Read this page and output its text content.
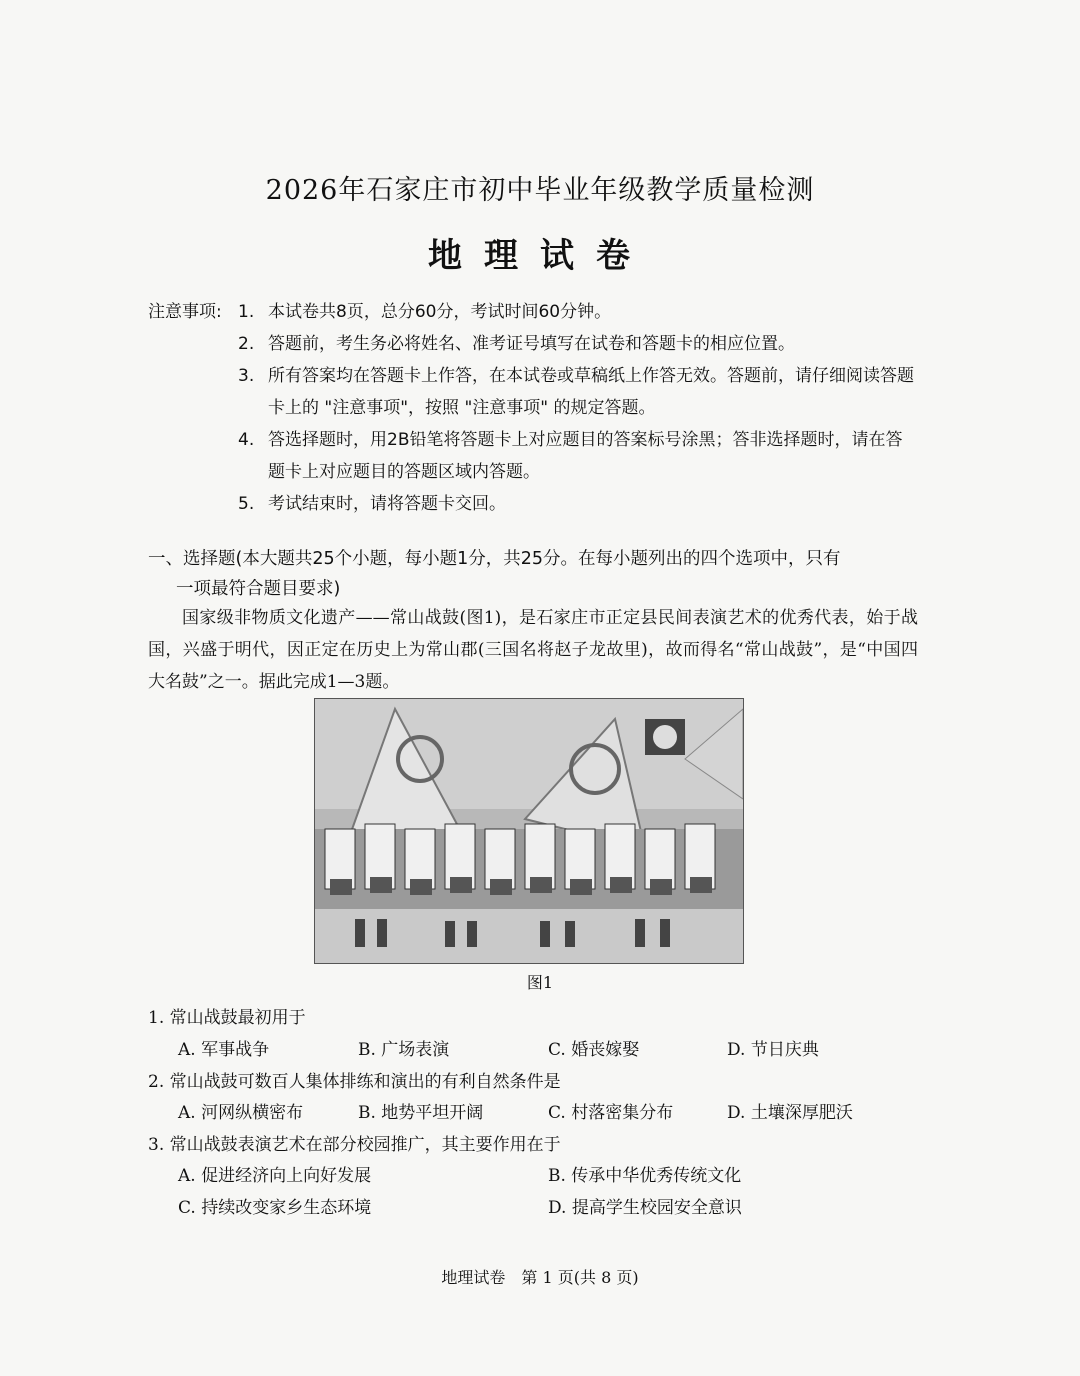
2026年石家庄市初中毕业年级教学质量检测
地理试卷
注意事项: 1. 本试卷共8页，总分60分，考试时间60分钟。
2. 答题前，考生务必将姓名、准考证号填写在试卷和答题卡的相应位置。
3. 所有答案均在答题卡上作答，在本试卷或草稿纸上作答无效。答题前，请仔细阅读答题卡上的 "注意事项"，按照 "注意事项" 的规定答题。
4. 答选择题时，用2B铅笔将答题卡上对应题目的答案标号涂黑；答非选择题时，请在答题卡上对应题目的答题区域内答题。
5. 考试结束时，请将答题卡交回。
一、选择题(本大题共25个小题，每小题1分，共25分。在每小题列出的四个选项中，只有
一项最符合题目要求)
国家级非物质文化遗产——常山战鼓(图1)，是石家庄市正定县民间表演艺术的优秀代表，始于战国，兴盛于明代，因正定在历史上为常山郡(三国名将赵子龙故里)，故而得名“常山战鼓”，是“中国四大名鼓”之一。据此完成1—3题。
图1
1. 常山战鼓最初用于
A. 军事战争	B. 广场表演	C. 婚丧嫁娶	D. 节日庆典
2. 常山战鼓可数百人集体排练和演出的有利自然条件是
A. 河网纵横密布	B. 地势平坦开阔	C. 村落密集分布	D. 土壤深厚肥沃
3. 常山战鼓表演艺术在部分校园推广，其主要作用在于
A. 促进经济向上向好发展	B. 传承中华优秀传统文化
C. 持续改变家乡生态环境	D. 提高学生校园安全意识
地理试卷　第 1 页(共 8 页)
